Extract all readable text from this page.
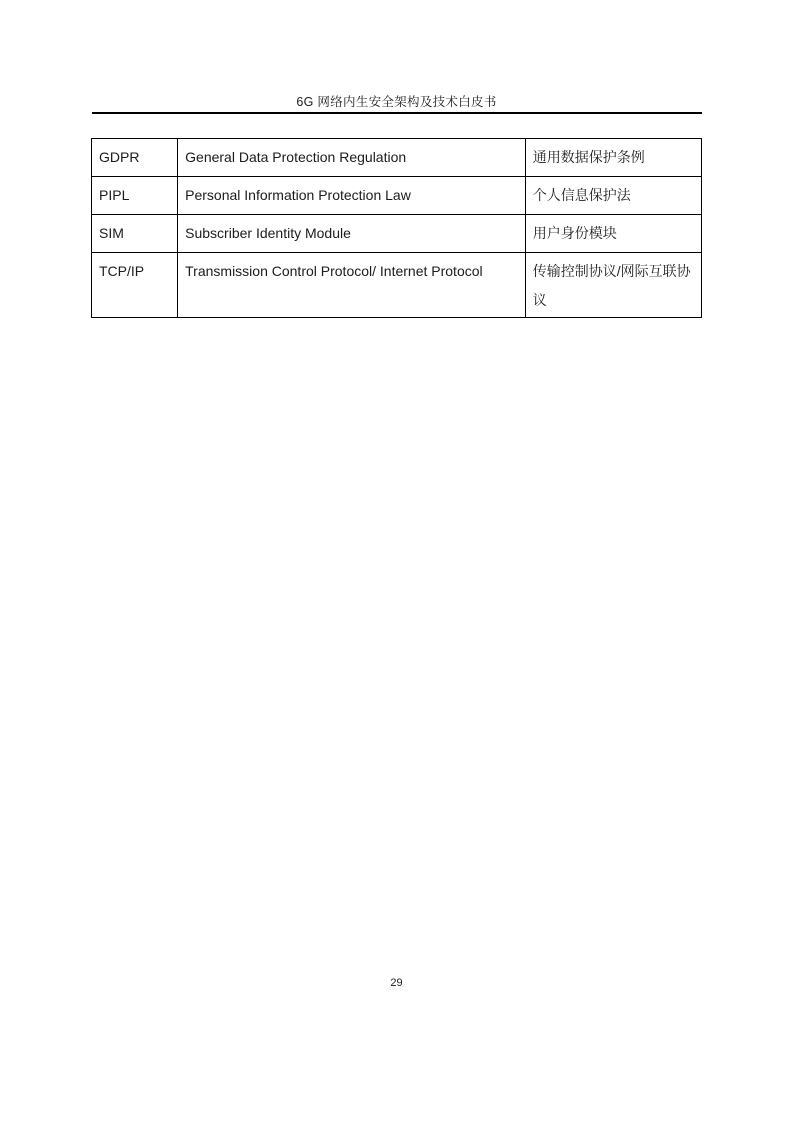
6G 网络内生安全架构及技术白皮书
GDPR	General Data Protection Regulation	通用数据保护条例
PIPL	Personal Information Protection Law	个人信息保护法
SIM	Subscriber Identity Module	用户身份模块
TCP/IP	Transmission Control Protocol/ Internet Protocol	传输控制协议/网际互联协议
29
